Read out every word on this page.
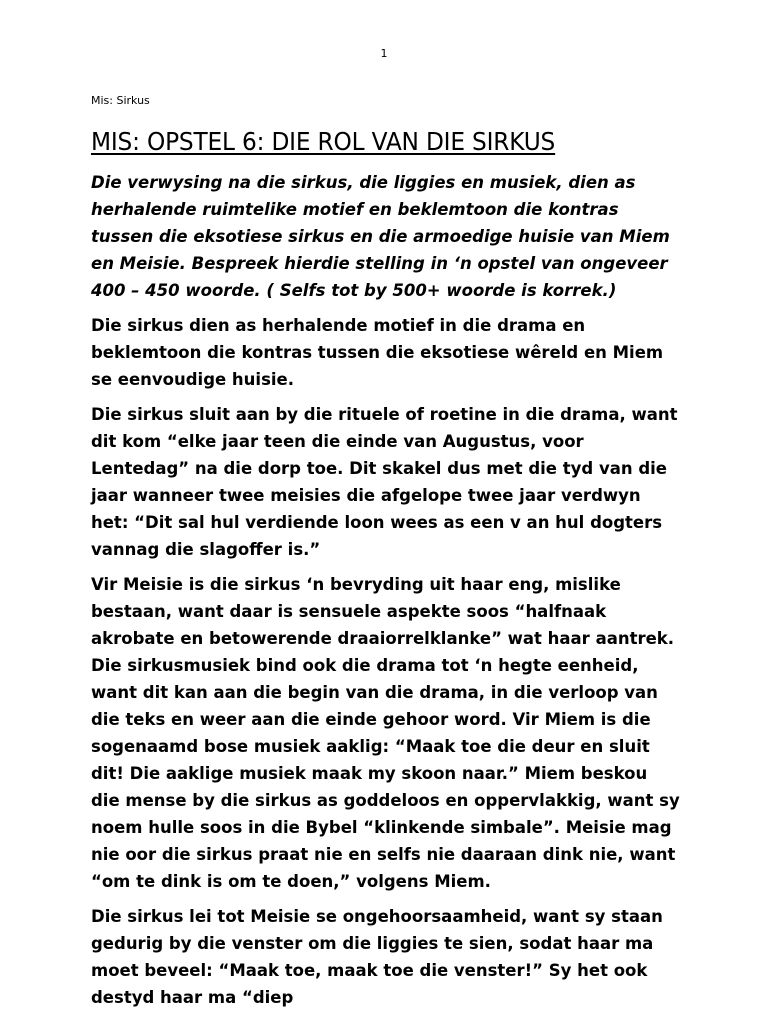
1
Mis: Sirkus
MIS: OPSTEL 6: DIE ROL VAN DIE SIRKUS

Die verwysing na die sirkus, die liggies en musiek, dien as herhalende ruimtelike motief en beklemtoon die kontras tussen die eksotiese sirkus en die armoedige huisie van Miem en Meisie. Bespreek hierdie stelling in ‘n opstel van ongeveer 400 – 450 woorde. ( Selfs tot by 500+ woorde is korrek.)

Die sirkus dien as herhalende motief in die drama en beklemtoon die kontras tussen die eksotiese wêreld en Miem se eenvoudige huisie.

Die sirkus sluit aan by die rituele of roetine in die drama, want dit kom “elke jaar teen die einde van Augustus, voor Lentedag” na die dorp toe. Dit skakel dus met die tyd van die jaar wanneer twee meisies die afgelope twee jaar verdwyn het: “Dit sal hul verdiende loon wees as een v an hul dogters vannag die slagoffer is.”

Vir Meisie is die sirkus ‘n bevryding uit haar eng, mislike bestaan, want daar is sensuele aspekte soos “halfnaak akrobate en betowerende draaiorrelklanke” wat haar aantrek. Die sirkusmusiek bind ook die drama tot ‘n hegte eenheid, want dit kan aan die begin van die drama, in die verloop van die teks en weer aan die einde gehoor word. Vir Miem is die sogenaamd bose musiek aaklig: “Maak toe die deur en sluit dit! Die aaklige musiek maak my skoon naar.” Miem beskou die mense by die sirkus as goddeloos en oppervlakkig, want sy noem hulle soos in die Bybel “klinkende simbale”. Meisie mag nie oor die sirkus praat nie en selfs nie daaraan dink nie, want “om te dink is om te doen,” volgens Miem.

Die sirkus lei tot Meisie se ongehoorsaamheid, want sy staan gedurig by die venster om die liggies te sien, sodat haar ma moet beveel: “Maak toe, maak toe die venster!” Sy het ook destyd haar ma “diep
